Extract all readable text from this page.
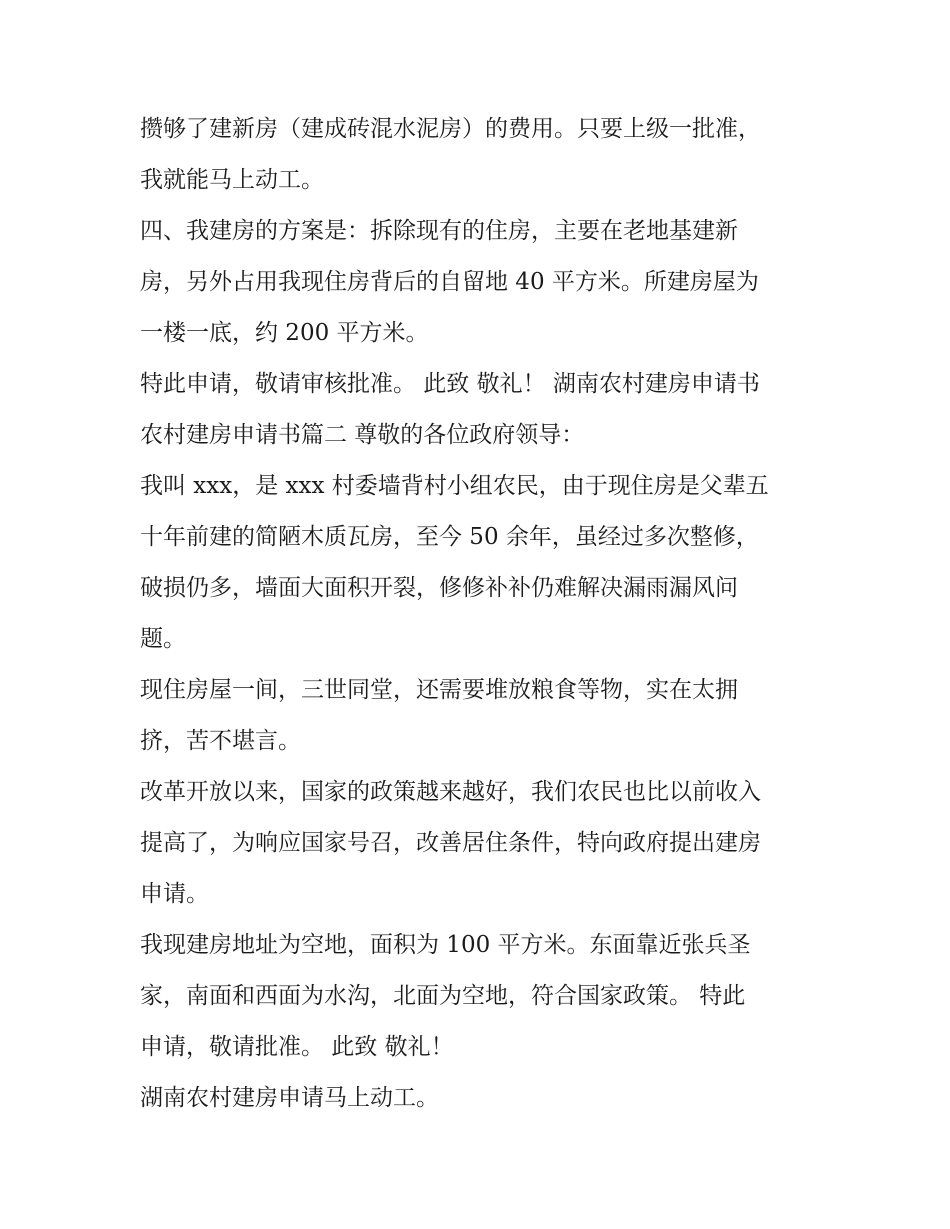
攒够了建新房（建成砖混水泥房）的费用。只要上级一批准，
我就能马上动工。
四、我建房的方案是：拆除现有的住房，主要在老地基建新
房，另外占用我现住房背后的自留地 40 平方米。所建房屋为
一楼一底，约 200 平方米。
特此申请，敬请审核批准。 此致 敬礼！ 湖南农村建房申请书
农村建房申请书篇二 尊敬的各位政府领导：
我叫 xxx，是 xxx 村委墙背村小组农民，由于现住房是父辈五
十年前建的简陋木质瓦房，至今 50 余年，虽经过多次整修，
破损仍多，墙面大面积开裂，修修补补仍难解决漏雨漏风问
题。
现住房屋一间，三世同堂，还需要堆放粮食等物，实在太拥
挤，苦不堪言。
改革开放以来，国家的政策越来越好，我们农民也比以前收入
提高了，为响应国家号召，改善居住条件，特向政府提出建房
申请。
我现建房地址为空地，面积为 100 平方米。东面靠近张兵圣
家，南面和西面为水沟，北面为空地，符合国家政策。 特此
申请，敬请批准。 此致 敬礼！
湖南农村建房申请马上动工。
